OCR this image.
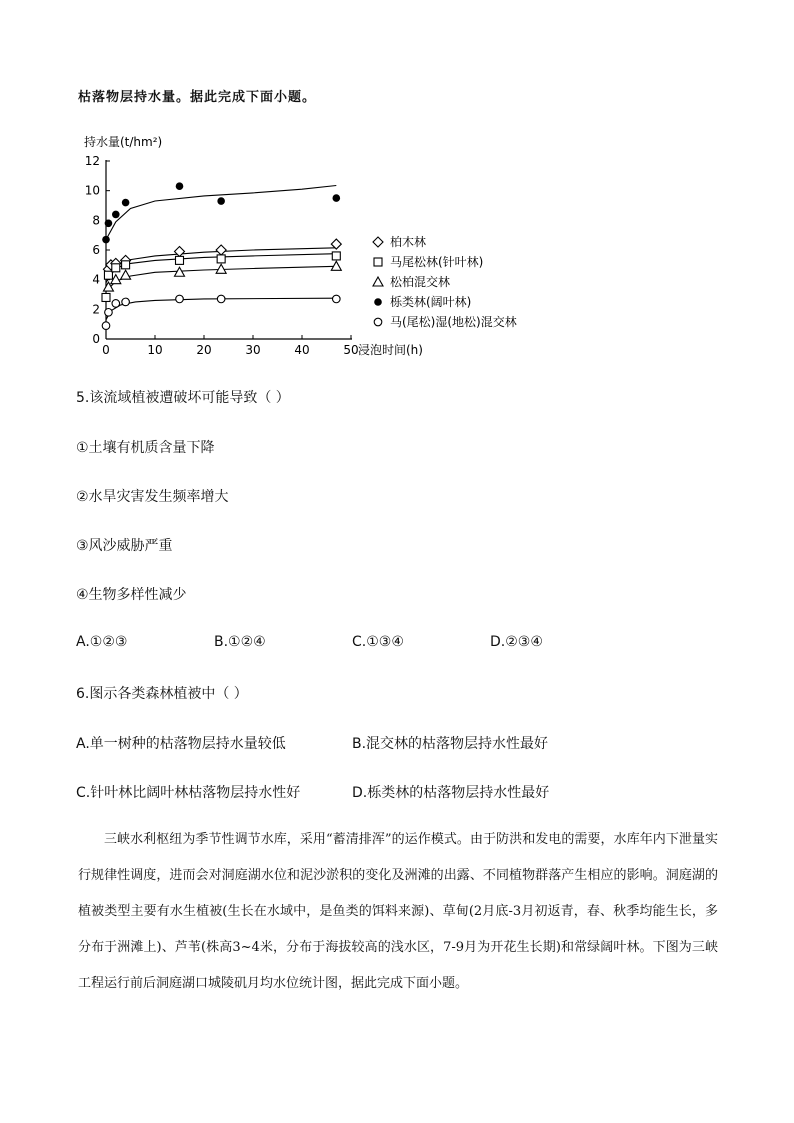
枯落物层持水量。据此完成下面小题。
持水量(t/hm²)
0
2
4
6
8
10
12
0	10	20	30	40	50 浸泡时间(h)
柏木林
马尾松林(针叶林)
松柏混交林
栎类林(阔叶林)
马(尾松)湿(地松)混交林
5.该流域植被遭破坏可能导致（ ）
①土壤有机质含量下降
②水旱灾害发生频率增大
③风沙威胁严重
④生物多样性减少
A.①②③	B.①②④	C.①③④	D.②③④
6.图示各类森林植被中（ ）
A.单一树种的枯落物层持水量较低	B.混交林的枯落物层持水性最好
C.针叶林比阔叶林枯落物层持水性好	D.栎类林的枯落物层持水性最好

三峡水利枢纽为季节性调节水库，采用“蓄清排浑”的运作模式。由于防洪和发电的需要，水库年内下泄量实行规律性调度，进而会对洞庭湖水位和泥沙淤积的变化及洲滩的出露、不同植物群落产生相应的影响。洞庭湖的植被类型主要有水生植被(生长在水域中，是鱼类的饵料来源)、草甸(2月底-3月初返青，春、秋季均能生长，多分布于洲滩上)、芦苇(株高3~4米，分布于海拔较高的浅水区，7-9月为开花生长期)和常绿阔叶林。下图为三峡工程运行前后洞庭湖口城陵矶月均水位统计图，据此完成下面小题。
